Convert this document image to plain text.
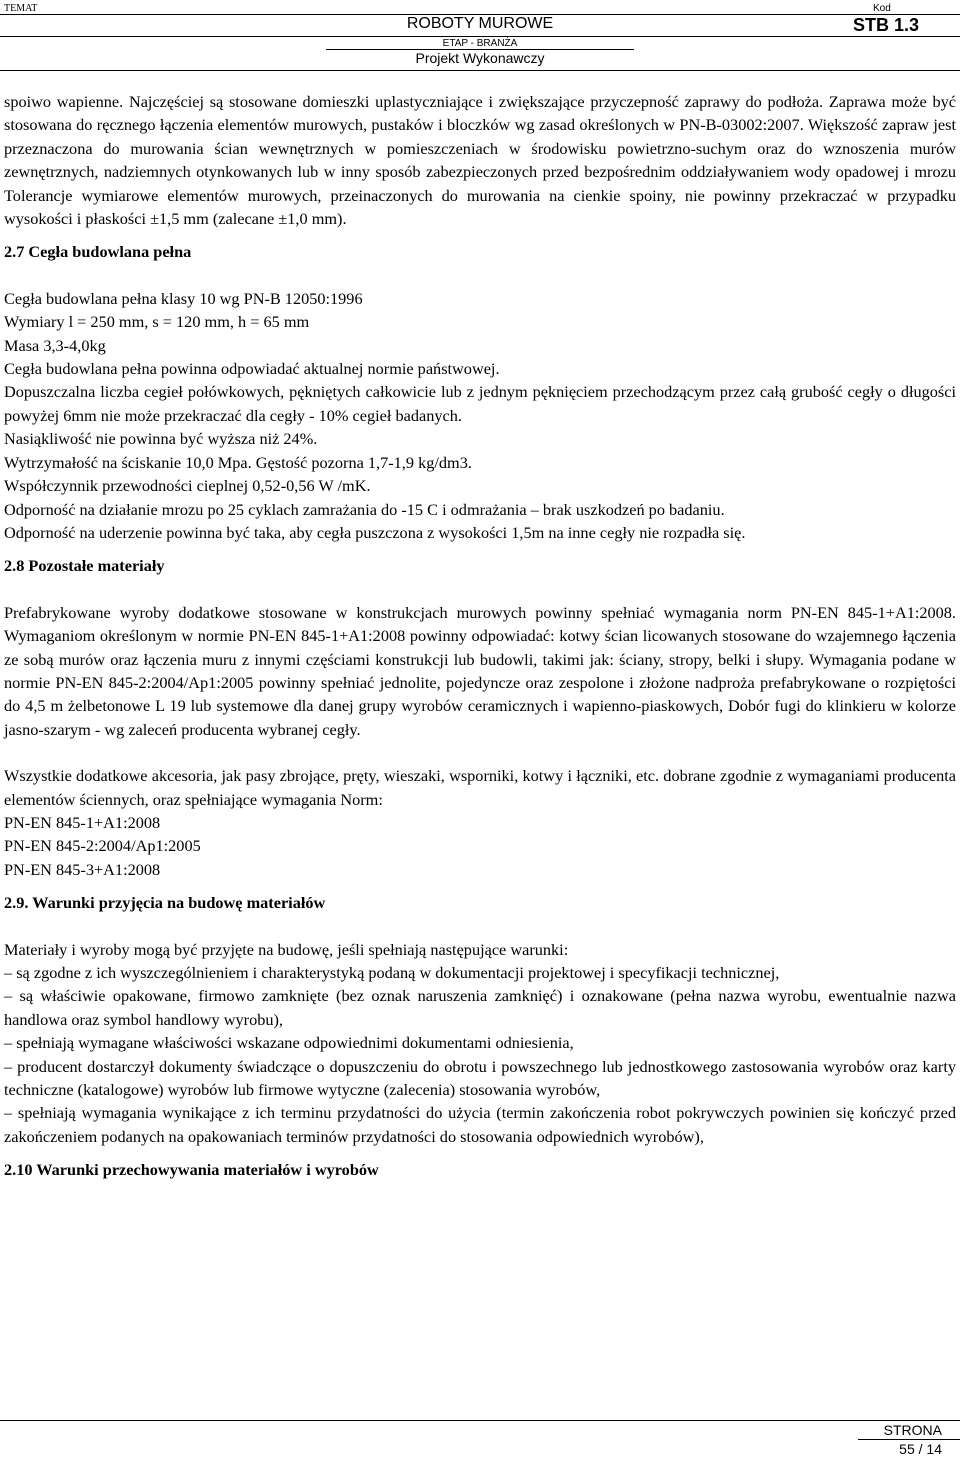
TEMAT	Kod
ROBOTY MUROWE	STB 1.3
ETAP - BRANŻA
Projekt Wykonawczy

spoiwo wapienne. Najczęściej są stosowane domieszki uplastyczniające i zwiększające przyczepność zaprawy do podłoża. Zaprawa może być stosowana do ręcznego łączenia elementów murowych, pustaków i bloczków wg zasad określonych w PN-B-03002:2007. Większość zapraw jest przeznaczona do murowania ścian wewnętrznych w pomieszczeniach w środowisku powietrzno-suchym oraz do wznoszenia murów zewnętrznych, nadziemnych otynkowanych lub w inny sposób zabezpieczonych przed bezpośrednim oddziaływaniem wody opadowej i mrozu Tolerancje wymiarowe elementów murowych, przeinaczonych do murowania na cienkie spoiny, nie powinny przekraczać w przypadku wysokości i płaskości ±1,5 mm (zalecane ±1,0 mm).

2.7 Cegła budowlana pełna

Cegła budowlana pełna klasy 10 wg PN-B 12050:1996

Wymiary l = 250 mm, s = 120 mm, h = 65 mm

Masa 3,3-4,0kg

Cegła budowlana pełna powinna odpowiadać aktualnej normie państwowej.

Dopuszczalna liczba cegieł połówkowych, pękniętych całkowicie lub z jednym pęknięciem przechodzącym przez całą grubość cegły o długości powyżej 6mm nie może przekraczać dla cegły - 10% cegieł badanych.

Nasiąkliwość nie powinna być wyższa niż 24%.

Wytrzymałość na ściskanie 10,0 Mpa. Gęstość pozorna 1,7-1,9 kg/dm3.

Współczynnik przewodności cieplnej 0,52-0,56 W /mK.

Odporność na działanie mrozu po 25 cyklach zamrażania do -15 C i odmrażania – brak uszkodzeń po badaniu.

Odporność na uderzenie powinna być taka, aby cegła puszczona z wysokości 1,5m na inne cegły nie rozpadła się.

2.8 Pozostałe materiały

Prefabrykowane wyroby dodatkowe stosowane w konstrukcjach murowych powinny spełniać wymagania norm PN-EN 845-1+A1:2008. Wymaganiom określonym w normie PN-EN 845-1+A1:2008 powinny odpowiadać: kotwy ścian licowanych stosowane do wzajemnego łączenia ze sobą murów oraz łączenia muru z innymi częściami konstrukcji lub budowli, takimi jak: ściany, stropy, belki i słupy. Wymagania podane w normie PN-EN 845-2:2004/Ap1:2005 powinny spełniać jednolite, pojedyncze oraz zespolone i złożone nadproża prefabrykowane o rozpiętości do 4,5 m żelbetonowe L 19 lub systemowe dla danej grupy wyrobów ceramicznych i wapienno-piaskowych, Dobór fugi do klinkieru w kolorze jasno-szarym - wg zaleceń producenta wybranej cegły.

Wszystkie dodatkowe akcesoria, jak pasy zbrojące, pręty, wieszaki, wsporniki, kotwy i łączniki, etc. dobrane zgodnie z wymaganiami producenta elementów ściennych, oraz spełniające wymagania Norm:

PN-EN 845-1+A1:2008

PN-EN 845-2:2004/Ap1:2005

PN-EN 845-3+A1:2008

2.9. Warunki przyjęcia na budowę materiałów

Materiały i wyroby mogą być przyjęte na budowę, jeśli spełniają następujące warunki:

– są zgodne z ich wyszczególnieniem i charakterystyką podaną w dokumentacji projektowej i specyfikacji technicznej,

– są właściwie opakowane, firmowo zamknięte (bez oznak naruszenia zamknięć) i oznakowane (pełna nazwa wyrobu, ewentualnie nazwa handlowa oraz symbol handlowy wyrobu),

– spełniają wymagane właściwości wskazane odpowiednimi dokumentami odniesienia,

– producent dostarczył dokumenty świadczące o dopuszczeniu do obrotu i powszechnego lub jednostkowego zastosowania wyrobów oraz karty techniczne (katalogowe) wyrobów lub firmowe wytyczne (zalecenia) stosowania wyrobów,

– spełniają wymagania wynikające z ich terminu przydatności do użycia (termin zakończenia robot pokrywczych powinien się kończyć przed zakończeniem podanych na opakowaniach terminów przydatności do stosowania odpowiednich wyrobów),

2.10 Warunki przechowywania materiałów i wyrobów
STRONA
55 / 14
